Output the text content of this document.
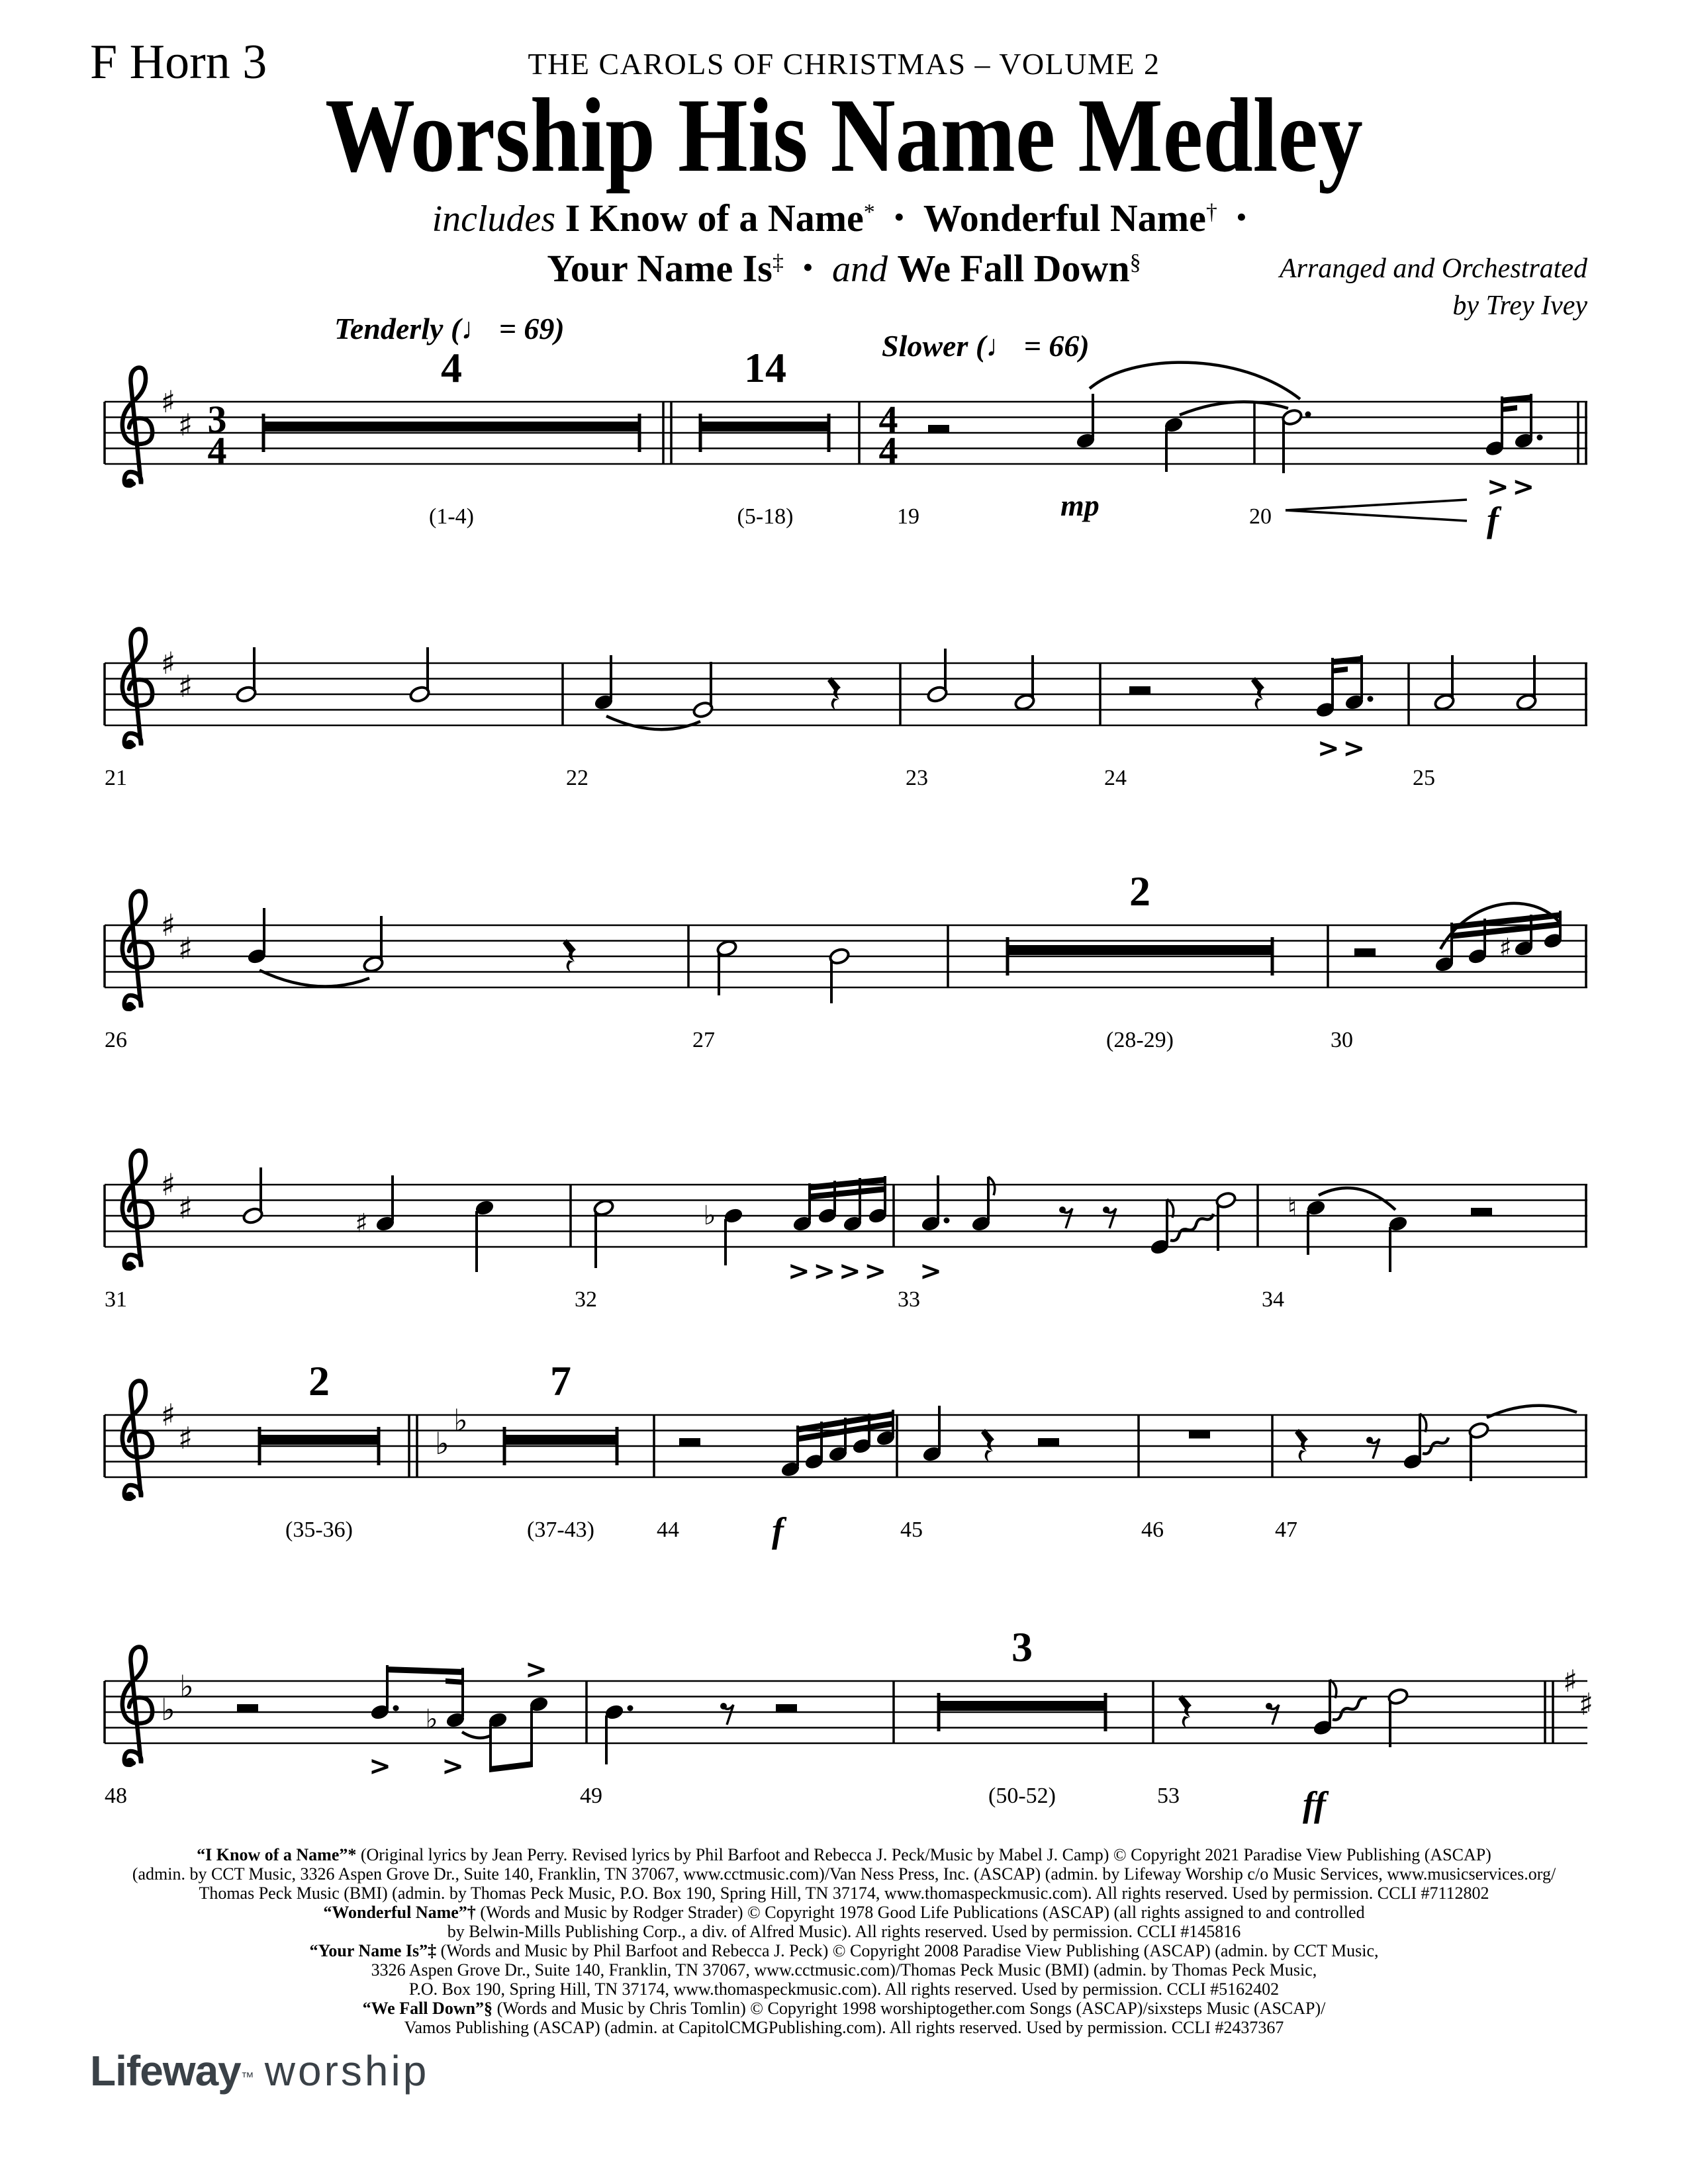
F Horn 3	THE CAROLS OF CHRISTMAS – VOLUME 2
Worship His Name Medley
includes I Know of a Name* • Wonderful Name† •
Your Name Is‡ • and We Fall Down§	Arranged and Orchestrated
by Trey Ivey
Tenderly (♩ = 69)
Slower (♩ = 66)
♯
♯ 3
4
4
(1-4)
14
(5-18)
4
4
mp
>>
f
19	20
♯
♯
>>
21	22	23	24	25
♯
♯
2
(28-29)
♯
26	27	30
♯
♯	♯	♭
>>>> >
♮
31	32	33	34
♯
♯
2
(35-36)
♭
♭
7
(37-43)	f
44	45	46	47
♭
♭
♭
> >
>	3
(50-52)	ff
♯
♯
48	49	53
“I Know of a Name”* (Original lyrics by Jean Perry. Revised lyrics by Phil Barfoot and Rebecca J. Peck/Music by Mabel J. Camp) © Copyright 2021 Paradise View Publishing (ASCAP)
(admin. by CCT Music, 3326 Aspen Grove Dr., Suite 140, Franklin, TN 37067, www.cctmusic.com)/Van Ness Press, Inc. (ASCAP) (admin. by Lifeway Worship c/o Music Services, www.musicservices.org/
Thomas Peck Music (BMI) (admin. by Thomas Peck Music, P.O. Box 190, Spring Hill, TN 37174, www.thomaspeckmusic.com). All rights reserved. Used by permission. CCLI #7112802
“Wonderful Name”† (Words and Music by Rodger Strader) © Copyright 1978 Good Life Publications (ASCAP) (all rights assigned to and controlled
by Belwin-Mills Publishing Corp., a div. of Alfred Music). All rights reserved. Used by permission. CCLI #145816
“Your Name Is”‡ (Words and Music by Phil Barfoot and Rebecca J. Peck) © Copyright 2008 Paradise View Publishing (ASCAP) (admin. by CCT Music,
3326 Aspen Grove Dr., Suite 140, Franklin, TN 37067, www.cctmusic.com)/Thomas Peck Music (BMI) (admin. by Thomas Peck Music,
P.O. Box 190, Spring Hill, TN 37174, www.thomaspeckmusic.com). All rights reserved. Used by permission. CCLI #5162402
“We Fall Down”§ (Words and Music by Chris Tomlin) © Copyright 1998 worshiptogether.com Songs (ASCAP)/sixsteps Music (ASCAP)/
Vamos Publishing (ASCAP) (admin. at CapitolCMGPublishing.com). All rights reserved. Used by permission. CCLI #2437367
Lifeway™ worship
